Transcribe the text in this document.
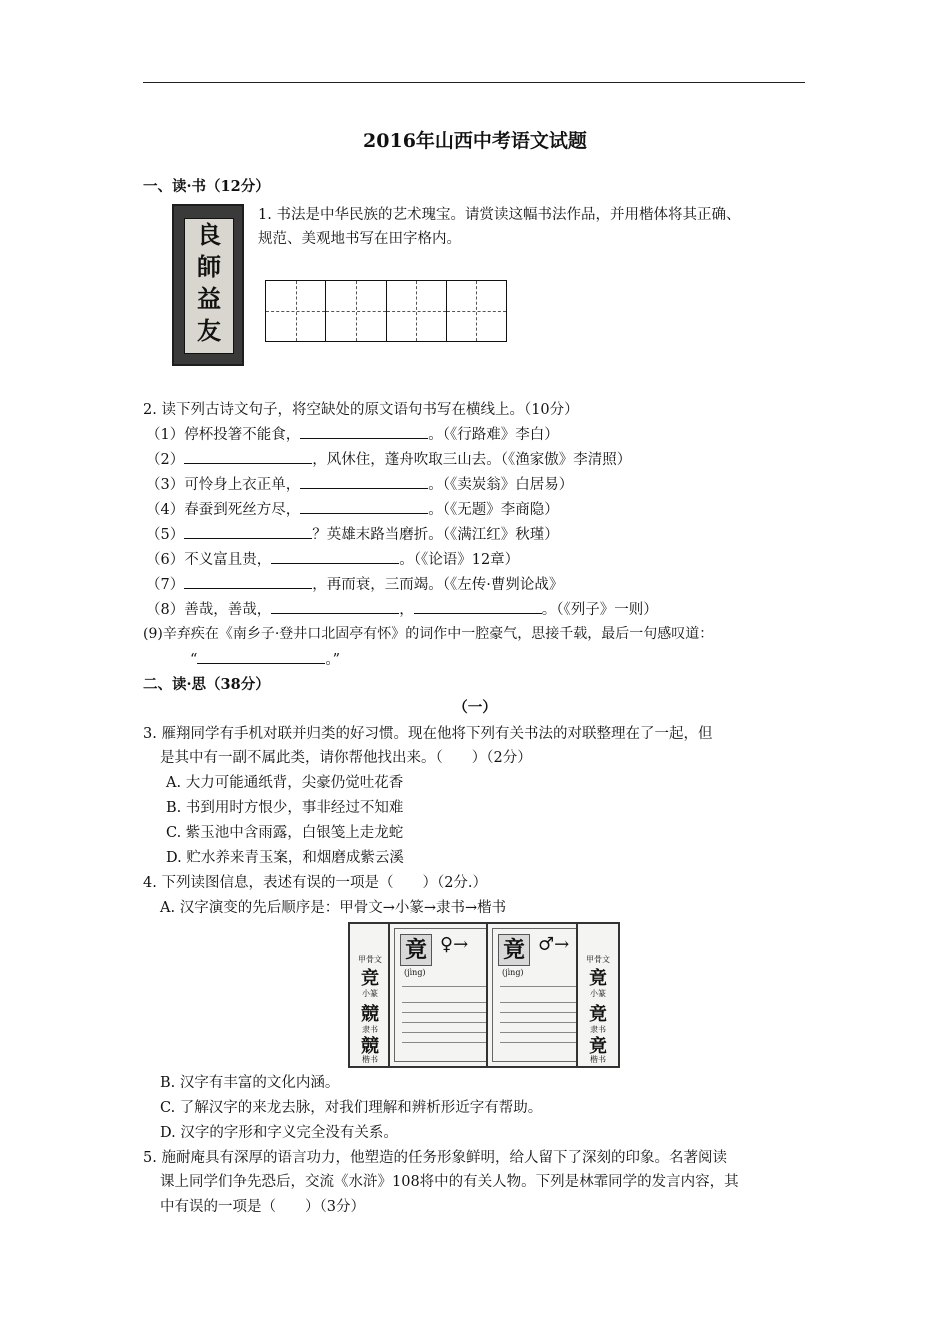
2016年山西中考语文试题
一、读·书（12分）
良
師
益
友
1. 书法是中华民族的艺术瑰宝。请赏读这幅书法作品，并用楷体将其正确、
规范、美观地书写在田字格内。
2. 读下列古诗文句子，将空缺处的原文语句书写在横线上。（10分）
（1）停杯投箸不能食，	。（《行路难》李白）
（2）	，风休住，蓬舟吹取三山去。（《渔家傲》李清照）
（3）可怜身上衣正单，	。（《卖炭翁》白居易）
（4）春蚕到死丝方尽，	。（《无题》李商隐）
（5）	？英雄末路当磨折。（《满江红》秋瑾）
（6）不义富且贵，	。（《论语》12章）
（7）	，再而衰，三而竭。（《左传·曹刿论战》
（8）善哉，善哉，	，	。（《列子》一则）
(9)辛弃疾在《南乡子·登井口北固亭有怀》的词作中一腔豪气，思接千载，最后一句感叹道：
“	。”
二、读·思（38分）
（一）
3. 雁翔同学有手机对联并归类的好习惯。现在他将下列有关书法的对联整理在了一起，但
是其中有一副不属此类，请你帮他找出来。（　　）（2分）
A. 大力可能通纸背，尖豪仍觉吐花香
B. 书到用时方恨少，事非经过不知难
C. 紫玉池中含雨露，白银笺上走龙蛇
D. 贮水养来青玉案，和烟磨成紫云溪
4. 下列读图信息，表述有误的一项是（　　）（2分.）
A. 汉字演变的先后顺序是：甲骨文→小篆→隶书→楷书
甲骨文
竞
小篆
競
隶书
競
楷书
竟
(jìng)
♀→ 竟
(jìng)
♂→
甲骨文
竟
小篆
竟
隶书
竟
楷书
B. 汉字有丰富的文化内涵。
C. 了解汉字的来龙去脉，对我们理解和辨析形近字有帮助。
D. 汉字的字形和字义完全没有关系。
5. 施耐庵具有深厚的语言功力，他塑造的任务形象鲜明，给人留下了深刻的印象。名著阅读
课上同学们争先恐后，交流《水浒》108将中的有关人物。下列是林霏同学的发言内容，其
中有误的一项是（　　）（3分）
